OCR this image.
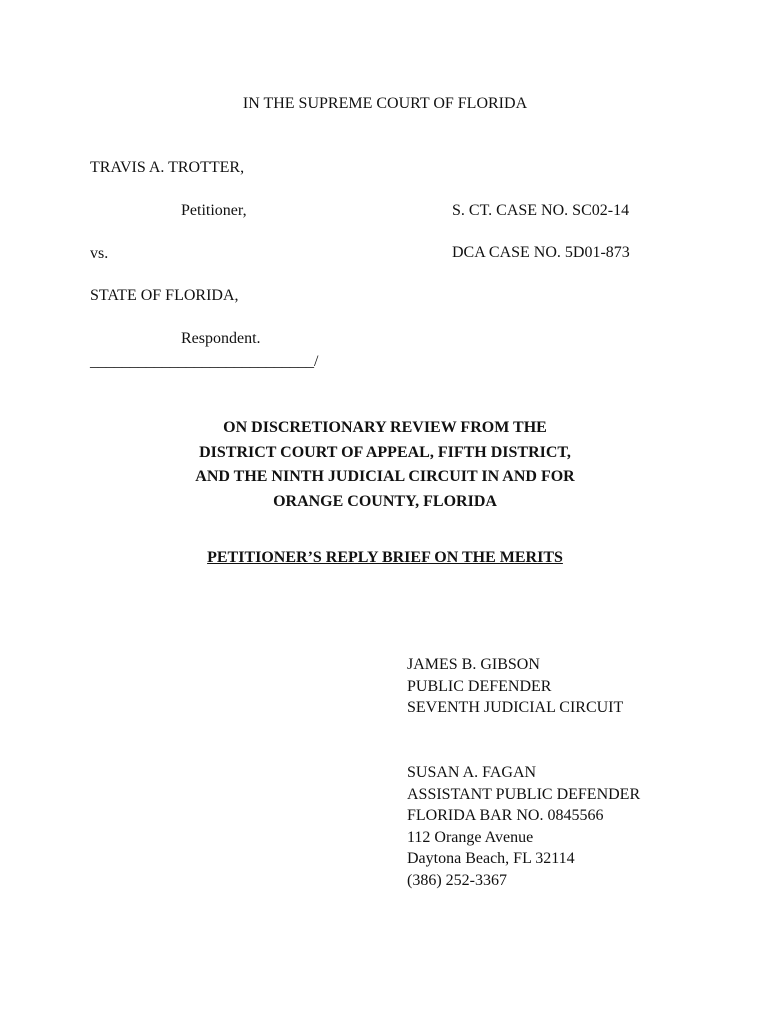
IN THE SUPREME COURT OF FLORIDA
TRAVIS A. TROTTER,
Petitioner,	S. CT. CASE NO. SC02-14
vs.	DCA CASE NO. 5D01-873
STATE OF FLORIDA,
Respondent.
____________________________/
ON DISCRETIONARY REVIEW FROM THE
DISTRICT COURT OF APPEAL, FIFTH DISTRICT,
AND THE NINTH JUDICIAL CIRCUIT IN AND FOR
ORANGE COUNTY, FLORIDA
PETITIONER’S REPLY BRIEF ON THE MERITS
JAMES B. GIBSON
PUBLIC DEFENDER
SEVENTH JUDICIAL CIRCUIT
SUSAN A. FAGAN
ASSISTANT PUBLIC DEFENDER
FLORIDA BAR NO. 0845566
112 Orange Avenue
Daytona Beach, FL 32114
(386) 252-3367
